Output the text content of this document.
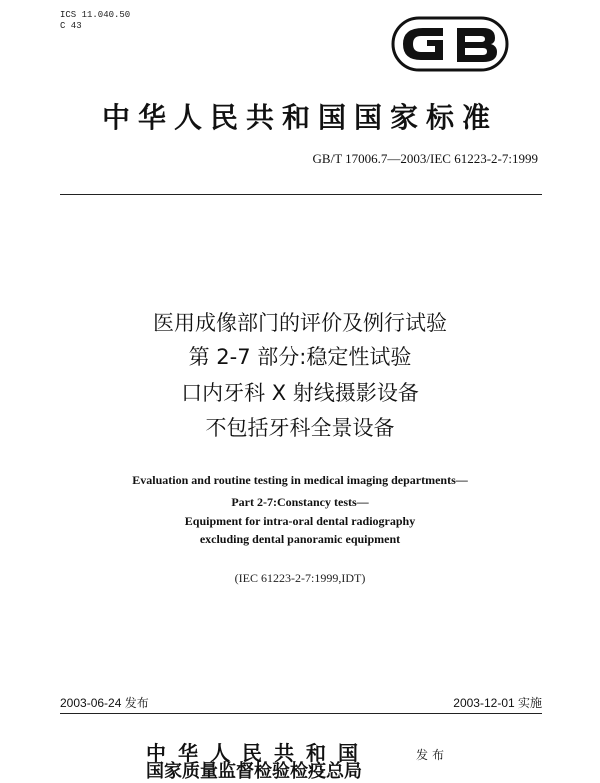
ICS 11.040.50
C 43
中华人民共和国国家标准
GB/T 17006.7—2003/IEC 61223-2-7:1999
医用成像部门的评价及例行试验
第 2-7 部分:稳定性试验
口内牙科 X 射线摄影设备
不包括牙科全景设备
Evaluation and routine testing in medical imaging departments—
Part 2-7:Constancy tests—
Equipment for intra-oral dental radiography
excluding dental panoramic equipment
(IEC 61223-2-7:1999,IDT)
2003-06-24 发布	2003-12-01 实施
中华人民共和国
国家质量监督检验检疫总局
发布
